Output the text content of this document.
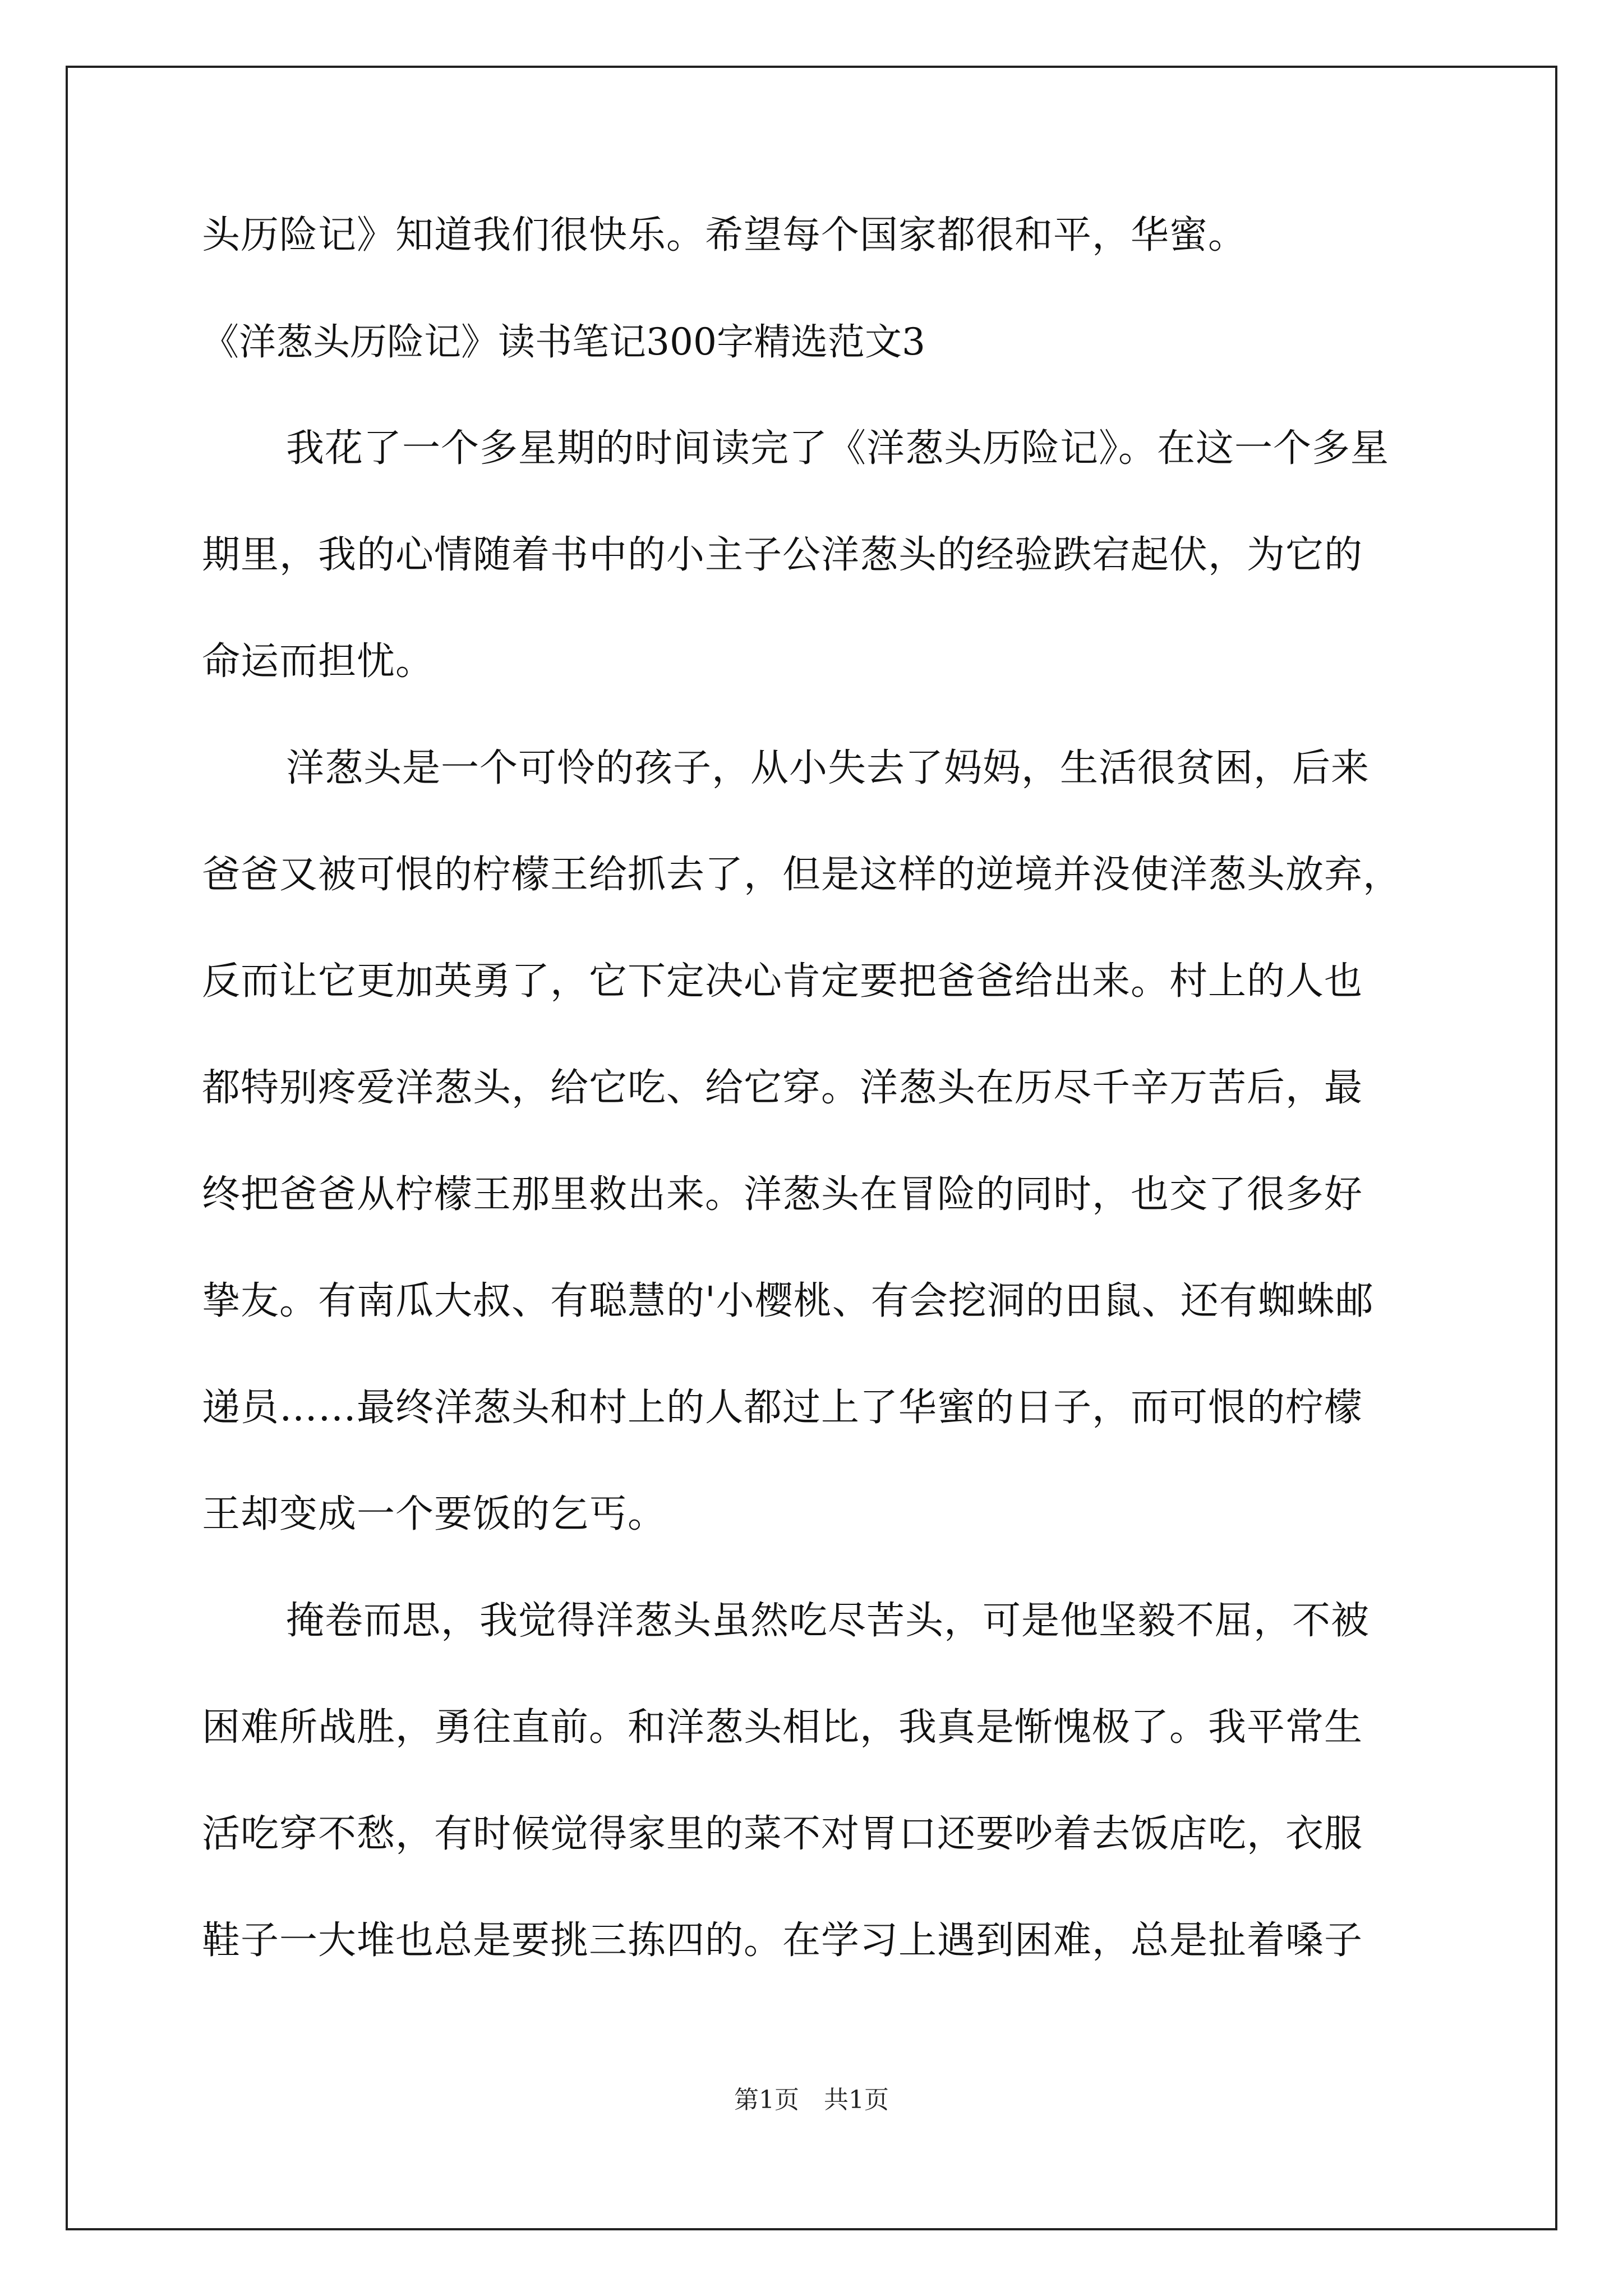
头历险记》知道我们很快乐。希望每个国家都很和平，华蜜。
《洋葱头历险记》读书笔记300字精选范文3
我花了一个多星期的时间读完了《洋葱头历险记》。在这一个多星
期里，我的心情随着书中的小主子公洋葱头的经验跌宕起伏，为它的
命运而担忧。
洋葱头是一个可怜的孩子，从小失去了妈妈，生活很贫困，后来
爸爸又被可恨的柠檬王给抓去了，但是这样的逆境并没使洋葱头放弃，
反而让它更加英勇了，它下定决心肯定要把爸爸给出来。村上的人也
都特别疼爱洋葱头，给它吃、给它穿。洋葱头在历尽千辛万苦后，最
终把爸爸从柠檬王那里救出来。洋葱头在冒险的同时，也交了很多好
挚友。有南瓜大叔、有聪慧的'小樱桃、有会挖洞的田鼠、还有蜘蛛邮
递员……最终洋葱头和村上的人都过上了华蜜的日子，而可恨的柠檬
王却变成一个要饭的乞丐。
掩卷而思，我觉得洋葱头虽然吃尽苦头，可是他坚毅不屈，不被
困难所战胜，勇往直前。和洋葱头相比，我真是惭愧极了。我平常生
活吃穿不愁，有时候觉得家里的菜不对胃口还要吵着去饭店吃，衣服
鞋子一大堆也总是要挑三拣四的。在学习上遇到困难，总是扯着嗓子
第1页 共1页
